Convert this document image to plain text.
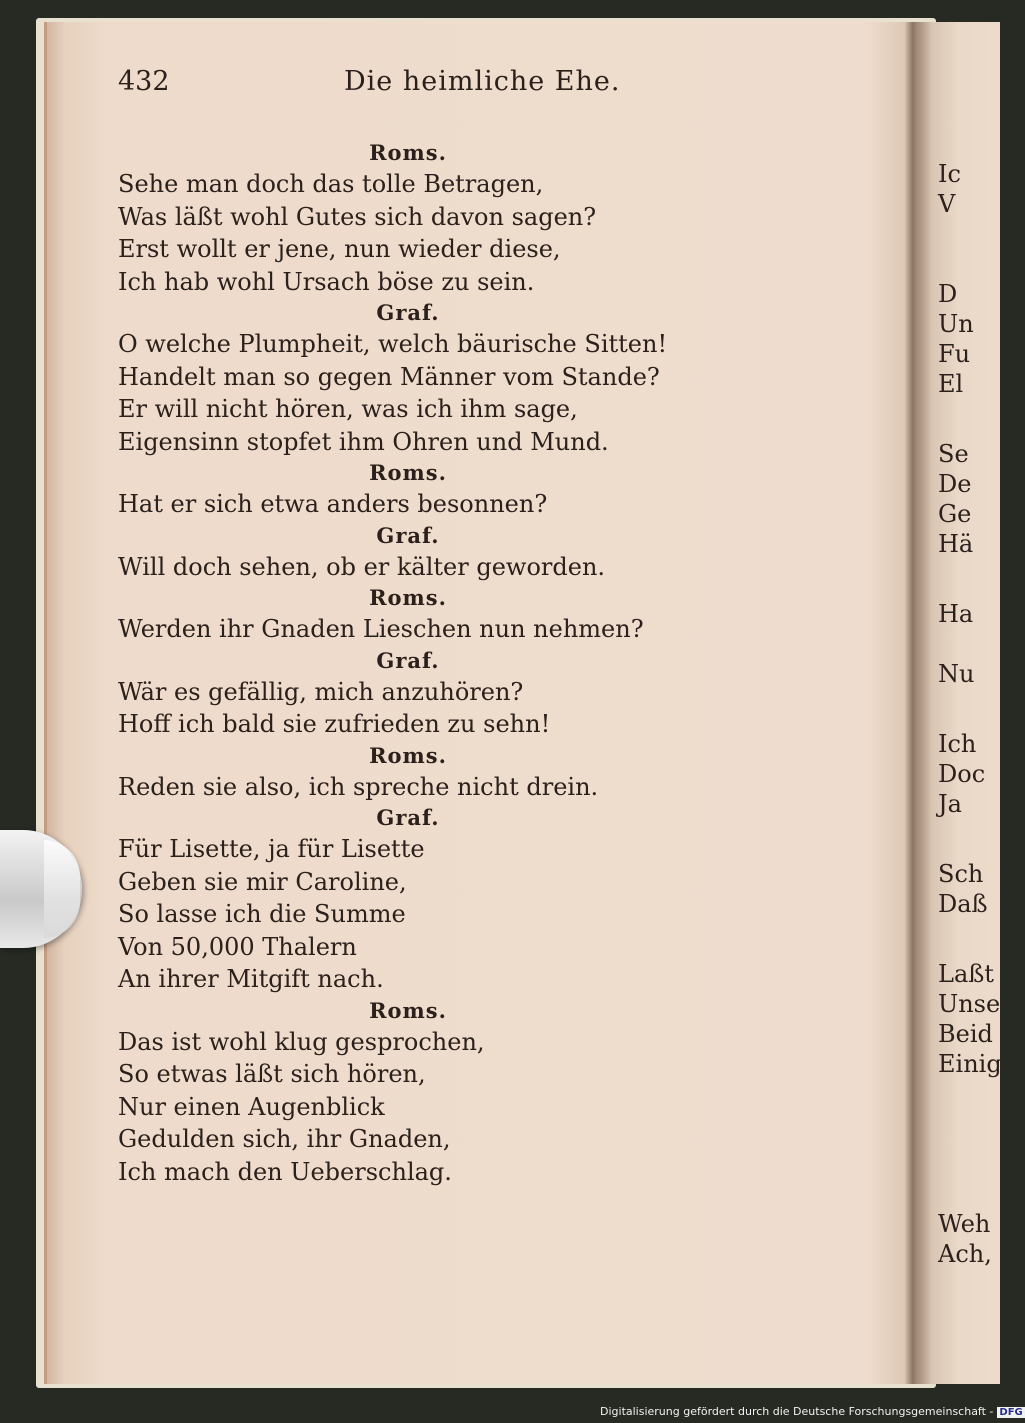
432	Die heimliche Ehe.
Roms.
Sehe man doch das tolle Betragen,
Was läßt wohl Gutes sich davon sagen?
Erst wollt er jene, nun wieder diese,
Ich hab wohl Ursach böse zu sein.
Graf.
O welche Plumpheit, welch bäurische Sitten!
Handelt man so gegen Männer vom Stande?
Er will nicht hören, was ich ihm sage,
Eigensinn stopfet ihm Ohren und Mund.
Roms.
Hat er sich etwa anders besonnen?
Graf.
Will doch sehen, ob er kälter geworden.
Roms.
Werden ihr Gnaden Lieschen nun nehmen?
Graf.
Wär es gefällig, mich anzuhören?
Hoff ich bald sie zufrieden zu sehn!
Roms.
Reden sie also, ich spreche nicht drein.
Graf.
Für Lisette, ja für Lisette
Geben sie mir Caroline,
So lasse ich die Summe
Von 50,000 Thalern
An ihrer Mitgift nach.
Roms.
Das ist wohl klug gesprochen,
So etwas läßt sich hören,
Nur einen Augenblick
Gedulden sich, ihr Gnaden,
Ich mach den Ueberschlag.
Ic
V
D
Un
Fu
El
Se
De
Ge
Hä
Ha
Nu
Ich
Doc
Ja
Sch
Daß
Laßt
Unse
Beid
Einig
Weh
Ach,
Digitalisierung gefördert durch die Deutsche Forschungsgemeinschaft - DFG
